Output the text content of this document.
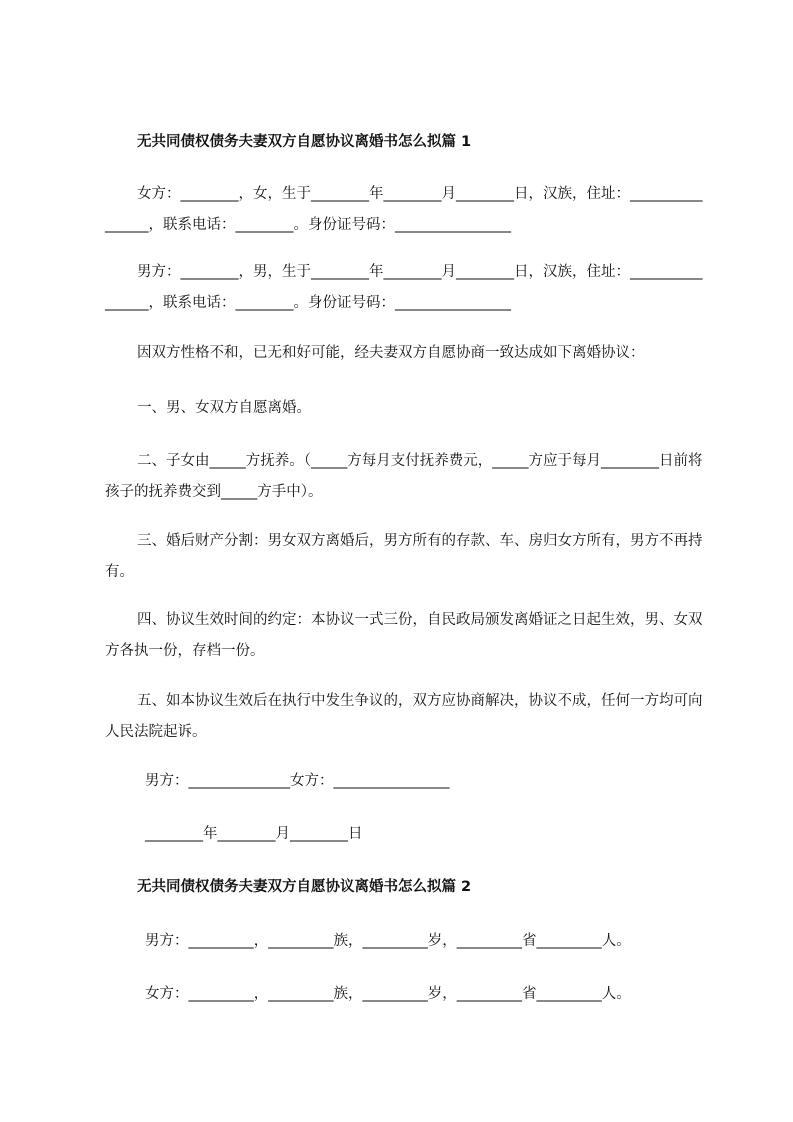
无共同债权债务夫妻双方自愿协议离婚书怎么拟篇 1
女方：________，女，生于________年________月________日，汉族，住址：________________，联系电话：________。身份证号码：________________
男方：________，男，生于________年________月________日，汉族，住址：________________，联系电话：________。身份证号码：________________
因双方性格不和，已无和好可能，经夫妻双方自愿协商一致达成如下离婚协议：
一、男、女双方自愿离婚。
二、子女由_____方抚养。（_____方每月支付抚养费元，_____方应于每月________日前将孩子的抚养费交到_____方手中）。
三、婚后财产分割：男女双方离婚后，男方所有的存款、车、房归女方所有，男方不再持有。
四、协议生效时间的约定：本协议一式三份，自民政局颁发离婚证之日起生效，男、女双方各执一份，存档一份。
五、如本协议生效后在执行中发生争议的，双方应协商解决，协议不成，任何一方均可向人民法院起诉。
男方：______________女方：________________
________年________月________日
无共同债权债务夫妻双方自愿协议离婚书怎么拟篇 2
男方：_________，_________族，_________岁，_________省_________人。
女方：_________，_________族，_________岁，_________省_________人。
